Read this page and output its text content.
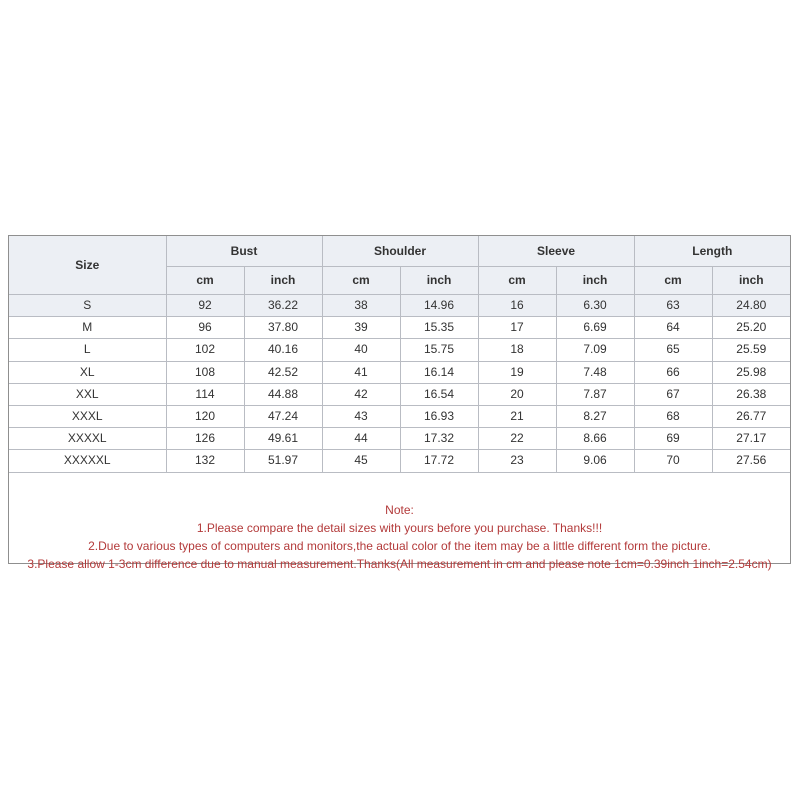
Size	Bust		Shoulder		Sleeve		Length	
	cm	inch	cm	inch	cm	inch	cm	inch
S	92	36.22	38	14.96	16	6.30	63	24.80
M	96	37.80	39	15.35	17	6.69	64	25.20
L	102	40.16	40	15.75	18	7.09	65	25.59
XL	108	42.52	41	16.14	19	7.48	66	25.98
XXL	114	44.88	42	16.54	20	7.87	67	26.38
XXXL	120	47.24	43	16.93	21	8.27	68	26.77
XXXXL	126	49.61	44	17.32	22	8.66	69	27.17
XXXXXL	132	51.97	45	17.72	23	9.06	70	27.56
Note:
1.Please compare the detail sizes with yours before you purchase. Thanks!!!
2.Due to various types of computers and monitors,the actual color of the item may be a little different form the picture.
3.Please allow 1-3cm difference due to manual measurement.Thanks(All measurement in cm and please note 1cm=0.39inch 1inch=2.54cm)
